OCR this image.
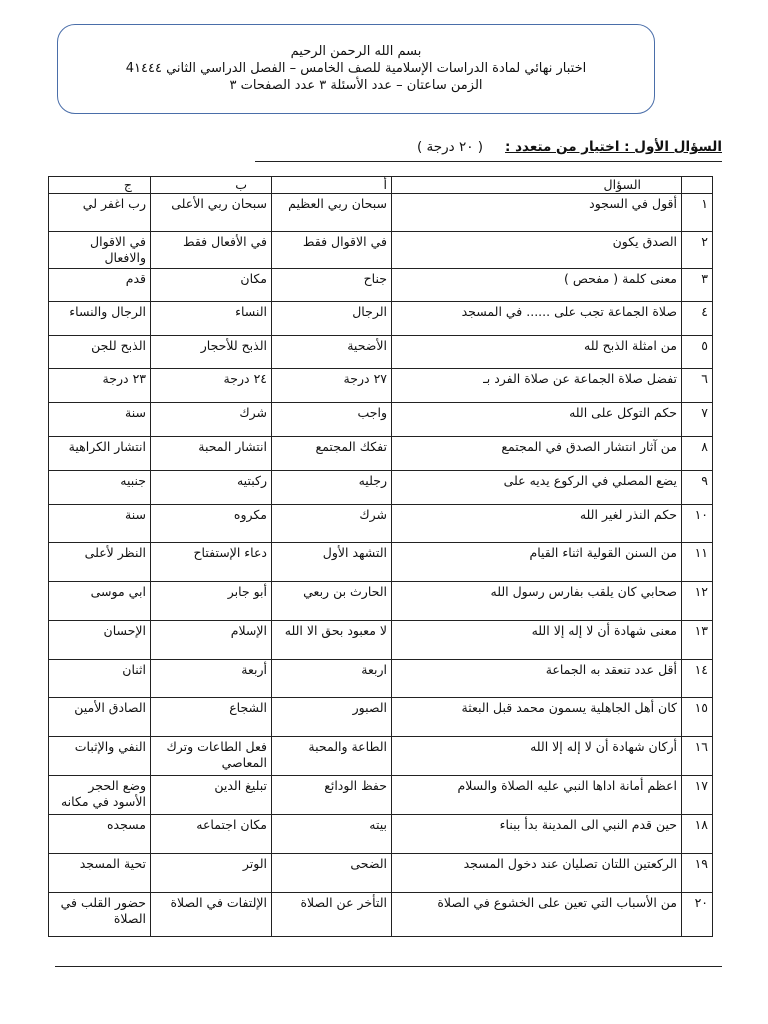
بسم الله الرحمن الرحيم
اختبار نهائي لمادة الدراسات الإسلامية للصف الخامس – الفصل الدراسي الثاني 4١٤٤٤
الزمن ساعتان – عدد الأسئلة ٣ عدد الصفحات ٣
السؤال الأول : اختيار من متعدد :( ٢٠ درجة )
	السؤال	أ	ب	ج
١	أقول في السجود	سبحان ربي العظيم	سبحان ربي الأعلى	رب اغفر لي
٢	الصدق يكون	في الاقوال فقط	في الأفعال فقط	في الاقوال والافعال
٣	معنى كلمة ( مفحص )	جناح	مكان	قدم
٤	صلاة الجماعة تجب على ...... في المسجد	الرجال	النساء	الرجال والنساء
٥	من امثلة الذبح لله	الأضحية	الذبح للأحجار	الذبح للجن
٦	تفضل صلاة الجماعة عن صلاة الفرد بـ	٢٧ درجة	٢٤ درجة	٢٣ درجة
٧	حكم التوكل على الله	واجب	شرك	سنة
٨	من آثار انتشار الصدق في المجتمع	تفكك المجتمع	انتشار المحبة	انتشار الكراهية
٩	يضع المصلي في الركوع يديه على	رجليه	ركبتيه	جنبيه
١٠	حكم النذر لغير الله	شرك	مكروه	سنة
١١	من السنن القولية اثناء القيام	التشهد الأول	دعاء الإستفتاح	النظر لأعلى
١٢	صحابي كان يلقب بفارس رسول الله	الحارث بن ربعي	أبو جابر	ابي موسى
١٣	معنى شهادة أن لا إله إلا الله	لا معبود بحق الا الله	الإسلام	الإحسان
١٤	أقل عدد تنعقد به الجماعة	اربعة	أربعة	اثنان
١٥	كان أهل الجاهلية يسمون محمد قبل البعثة	الصبور	الشجاع	الصادق الأمين
١٦	أركان شهادة أن لا إله إلا الله	الطاعة والمحبة	فعل الطاعات وترك المعاصي	النفي والإثبات
١٧	اعظم أمانة اداها النبي عليه الصلاة والسلام	حفظ الودائع	تبليغ الدين	وضع الحجر الأسود في مكانه
١٨	حين قدم النبي الى المدينة بدأ ببناء	بيته	مكان اجتماعه	مسجده
١٩	الركعتين اللتان تصليان عند دخول المسجد	الضحى	الوتر	تحية المسجد
٢٠	من الأسباب التي تعين على الخشوع في الصلاة	التأخر عن الصلاة	الإلتفات في الصلاة	حضور القلب في الصلاة
